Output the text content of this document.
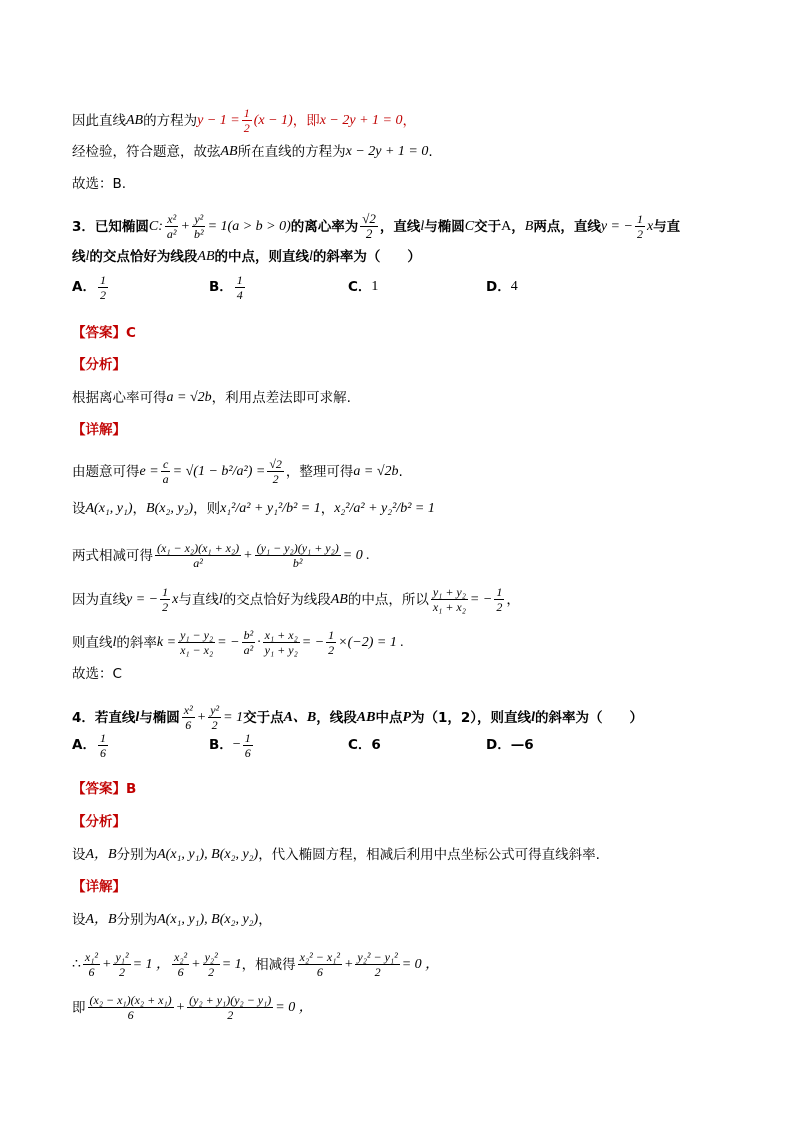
因此直线 AB 的方程为 $y - 1 = \frac{1}{2} (x - 1)$ ，即 x − 2y + 1 = 0 ，
经检验，符合题意，故弦 AB 所在直线的方程为 x − 2y + 1 = 0 .
故选：B.
3． 已知椭圆 C : $\frac{\text{x²}}{\text{a²}} + \frac{\text{y²}}{\text{b²}} = 1(a > b > 0)$ 的离心率为 $\frac{√2}{2}$ ，直线 l 与椭圆 C 交于 A ， B 两点，直线 y = − $\frac{1}{2}$ x 与直
线 l 的交点恰好为线段 AB 的中点，则直线 l 的斜率为（　　）
A． $\frac{1}{2}$	B． $\frac{1}{4}$	C． 1	D． 4
【答案】 C
【分析】
根据离心率可得 a = √2b ，利用点差法即可求解.
【详解】
由题意可得 $e = \frac{c}{a} = √(1 - b^2/a^2) = \frac{√2}{2}$ ，整理可得 a = √2b .
设 A(x₁, y₁) ， B(x₂, y₂) ，则 x₁²/a² + y₁²/b² = 1 ， x₂²/a² + y₂²/b² = 1
两式相减可得 $\frac{\text{(x₁ − x₂)(x₁ + x₂)}}{\text{a²}} + \frac{\text{(y₁ − y₂)(y₁ + y₂)}}{\text{b²}} = 0$ .
因为直线 y = − $\frac{1}{2}$ x 与直线 l 的交点恰好为线段 AB 的中点，所以 $\frac{\text{y₁ + y₂}}{\text{x₁ + x₂}}$ = − $\frac{1}{2}$ ，
则直线 l 的斜率 $k = \frac{\text{y₁ − y₂}}{\text{x₁ − x₂}}$ = − $\frac{\text{b²}}{\text{a²}} \cdot \frac{\text{x₁ + x₂}}{\text{y₁ + y₂}}$ = − $\frac{1}{2} \times(-2) = 1$ .
故选：C
4． 若直线 l 与椭圆 $\frac{\text{x²}}{6} + \frac{\text{y²}}{2} = 1$ 交于点 A、B ，线段 AB 中点 P 为（1，2），则直线 l 的斜率为（　　）
A． $\frac{1}{6}$	B． − $\frac{1}{6}$	C． 6	D． —6
【答案】 B
【分析】
设 A，B 分别为 A(x₁, y₁), B(x₂, y₂) ，代入椭圆方程，相减后利用中点坐标公式可得直线斜率.
【详解】
设 A，B 分别为 A(x₁, y₁), B(x₂, y₂) ，
∴ $\frac{\text{x₁²}}{6} + \frac{\text{y₁²}}{2} = 1$ ， $\frac{\text{x₂²}}{6} + \frac{\text{y₂²}}{2} = 1$ ，相减得 $\frac{\text{x₂² − x₁²}}{6} + \frac{\text{y₂² − y₁²}}{2} = 0$ ，
即 $\frac{\text{(x₂ − x₁)(x₂ + x₁)}}{6} + \frac{\text{(y₂ + y₁)(y₂ − y₁)}}{2} = 0$ ，
